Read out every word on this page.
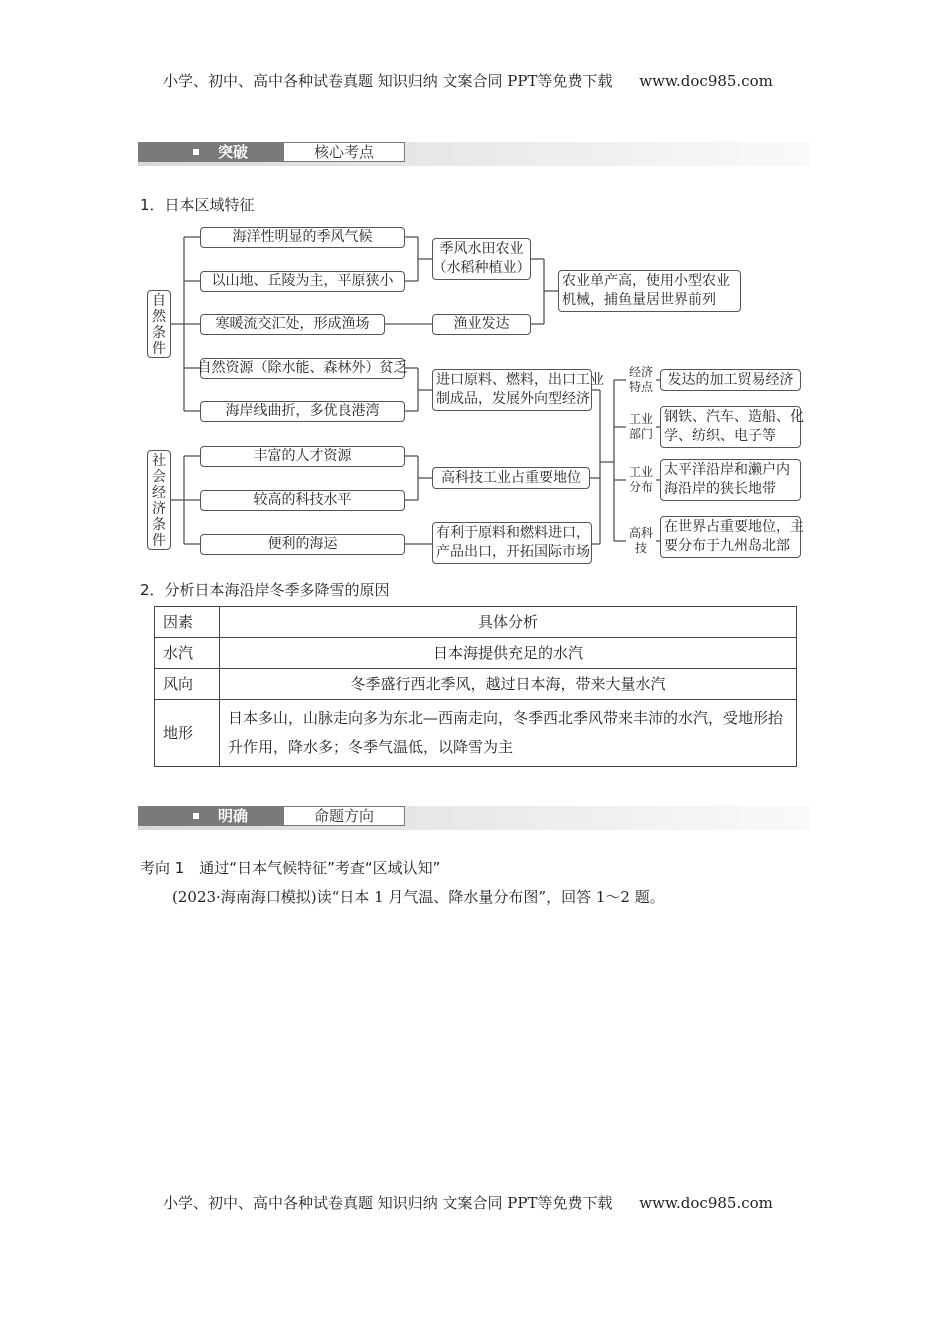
小学、初中、高中各种试卷真题 知识归纳 文案合同 PPT等免费下载 www.doc985.com
突破	核心考点
1．日本区域特征
自然条件
社会经济条件
海洋性明显的季风气候
以山地、丘陵为主，平原狭小
寒暖流交汇处，形成渔场
自然资源（除水能、森林外）贫乏
海岸线曲折，多优良港湾
丰富的人才资源
较高的科技水平
便利的海运
季风水田农业
（水稻种植业）
渔业发达
进口原料、燃料，出口工业
制成品，发展外向型经济
高科技工业占重要地位
有利于原料和燃料进口，
产品出口，开拓国际市场
农业单产高，使用小型农业
机械，捕鱼量居世界前列
经济
特点
工业
部门
工业
分布
高科
技
发达的加工贸易经济
钢铁、汽车、造船、化
学、纺织、电子等
太平洋沿岸和濑户内
海沿岸的狭长地带
在世界占重要地位，主
要分布于九州岛北部
2．分析日本海沿岸冬季多降雪的原因
因素	具体分析
水汽	日本海提供充足的水汽
风向	冬季盛行西北季风，越过日本海，带来大量水汽
地形	日本多山，山脉走向多为东北—西南走向，冬季西北季风带来丰沛的水汽，受地形抬升作用，降水多；冬季气温低，以降雪为主
明确	命题方向
考向 1　通过“日本气候特征”考查“区域认知”
(2023·海南海口模拟)读“日本 1 月气温、降水量分布图”，回答 1～2 题。
小学、初中、高中各种试卷真题 知识归纳 文案合同 PPT等免费下载 www.doc985.com
